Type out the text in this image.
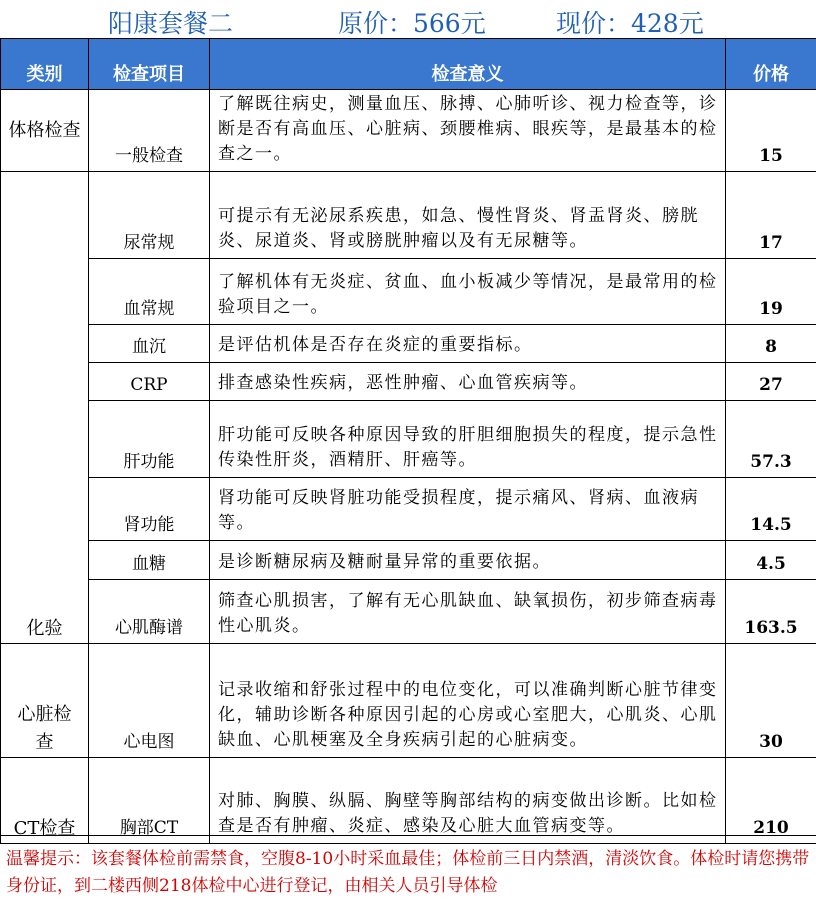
阳康套餐二	原价：566元	现价：428元
类别	检查项目	检查意义	价格
体格检查	一般检查	了解既往病史，测量血压、脉搏、心肺听诊、视力检查等，诊断是否有高血压、心脏病、颈腰椎病、眼疾等，是最基本的检查之一。	15
化验	尿常规	可提示有无泌尿系疾患，如急、慢性肾炎、肾盂肾炎、膀胱炎、尿道炎、肾或膀胱肿瘤以及有无尿糖等。	17
	血常规	了解机体有无炎症、贫血、血小板减少等情况，是最常用的检验项目之一。	19
	血沉	是评估机体是否存在炎症的重要指标。	8
	CRP	排查感染性疾病，恶性肿瘤、心血管疾病等。	27
	肝功能	肝功能可反映各种原因导致的肝胆细胞损失的程度，提示急性传染性肝炎，酒精肝、肝癌等。	57.3
	肾功能	肾功能可反映肾脏功能受损程度，提示痛风、肾病、血液病等。	14.5
	血糖	是诊断糖尿病及糖耐量异常的重要依据。	4.5
	心肌酶谱	筛查心肌损害，了解有无心肌缺血、缺氧损伤，初步筛查病毒性心肌炎。	163.5
心脏检查	心电图	记录收缩和舒张过程中的电位变化，可以准确判断心脏节律变化，辅助诊断各种原因引起的心房或心室肥大，心肌炎、心肌缺血、心肌梗塞及全身疾病引起的心脏病变。	30
CT检查	胸部CT	对肺、胸膜、纵膈、胸壁等胸部结构的病变做出诊断。比如检查是否有肿瘤、炎症、感染及心脏大血管病变等。	210
温馨提示：该套餐体检前需禁食，空腹8-10小时采血最佳；体检前三日内禁酒，清淡饮食。体检时请您携带身份证，到二楼西侧218体检中心进行登记，由相关人员引导体检
